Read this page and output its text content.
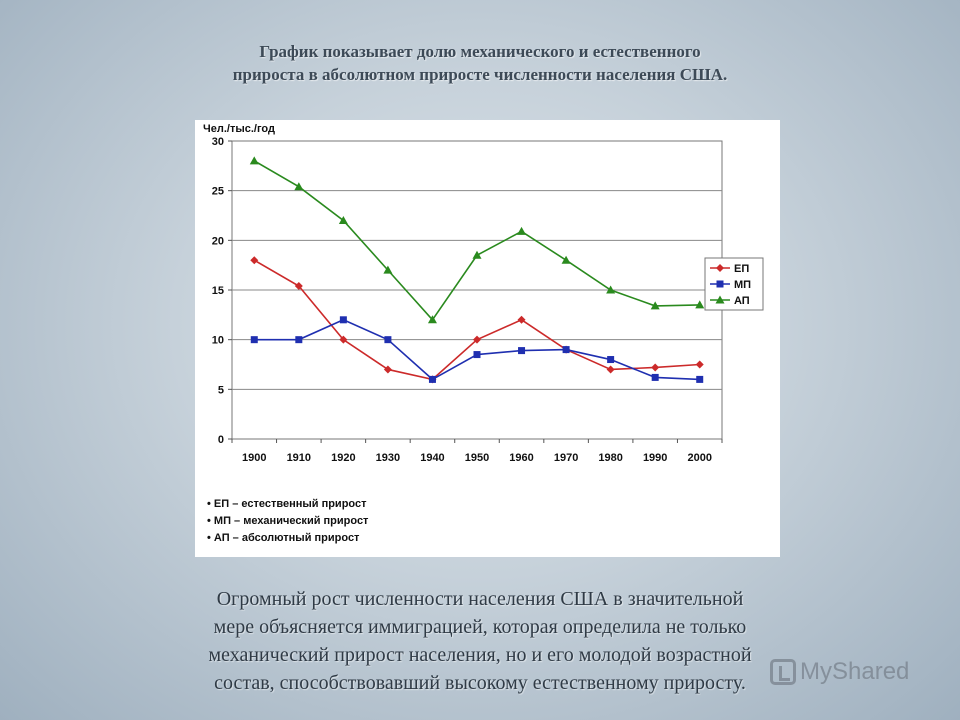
График показывает долю механического и естественного
прироста в абсолютном приросте численности населения США.
0
5
10
15
20
25
30
1900 1910 1920 1930 1940 1950 1960 1970 1980 1990 2000
Чел./тыс./год
ЕП
МП
АП
• ЕП – естественный прирост
• МП – механический прирост
• АП – абсолютный прирост
Огромный рост численности населения США в значительной
мере объясняется иммиграцией, которая определила не только
механический прирост населения, но и его молодой возрастной
состав, способствовавший высокому естественному приросту.	MyShared
